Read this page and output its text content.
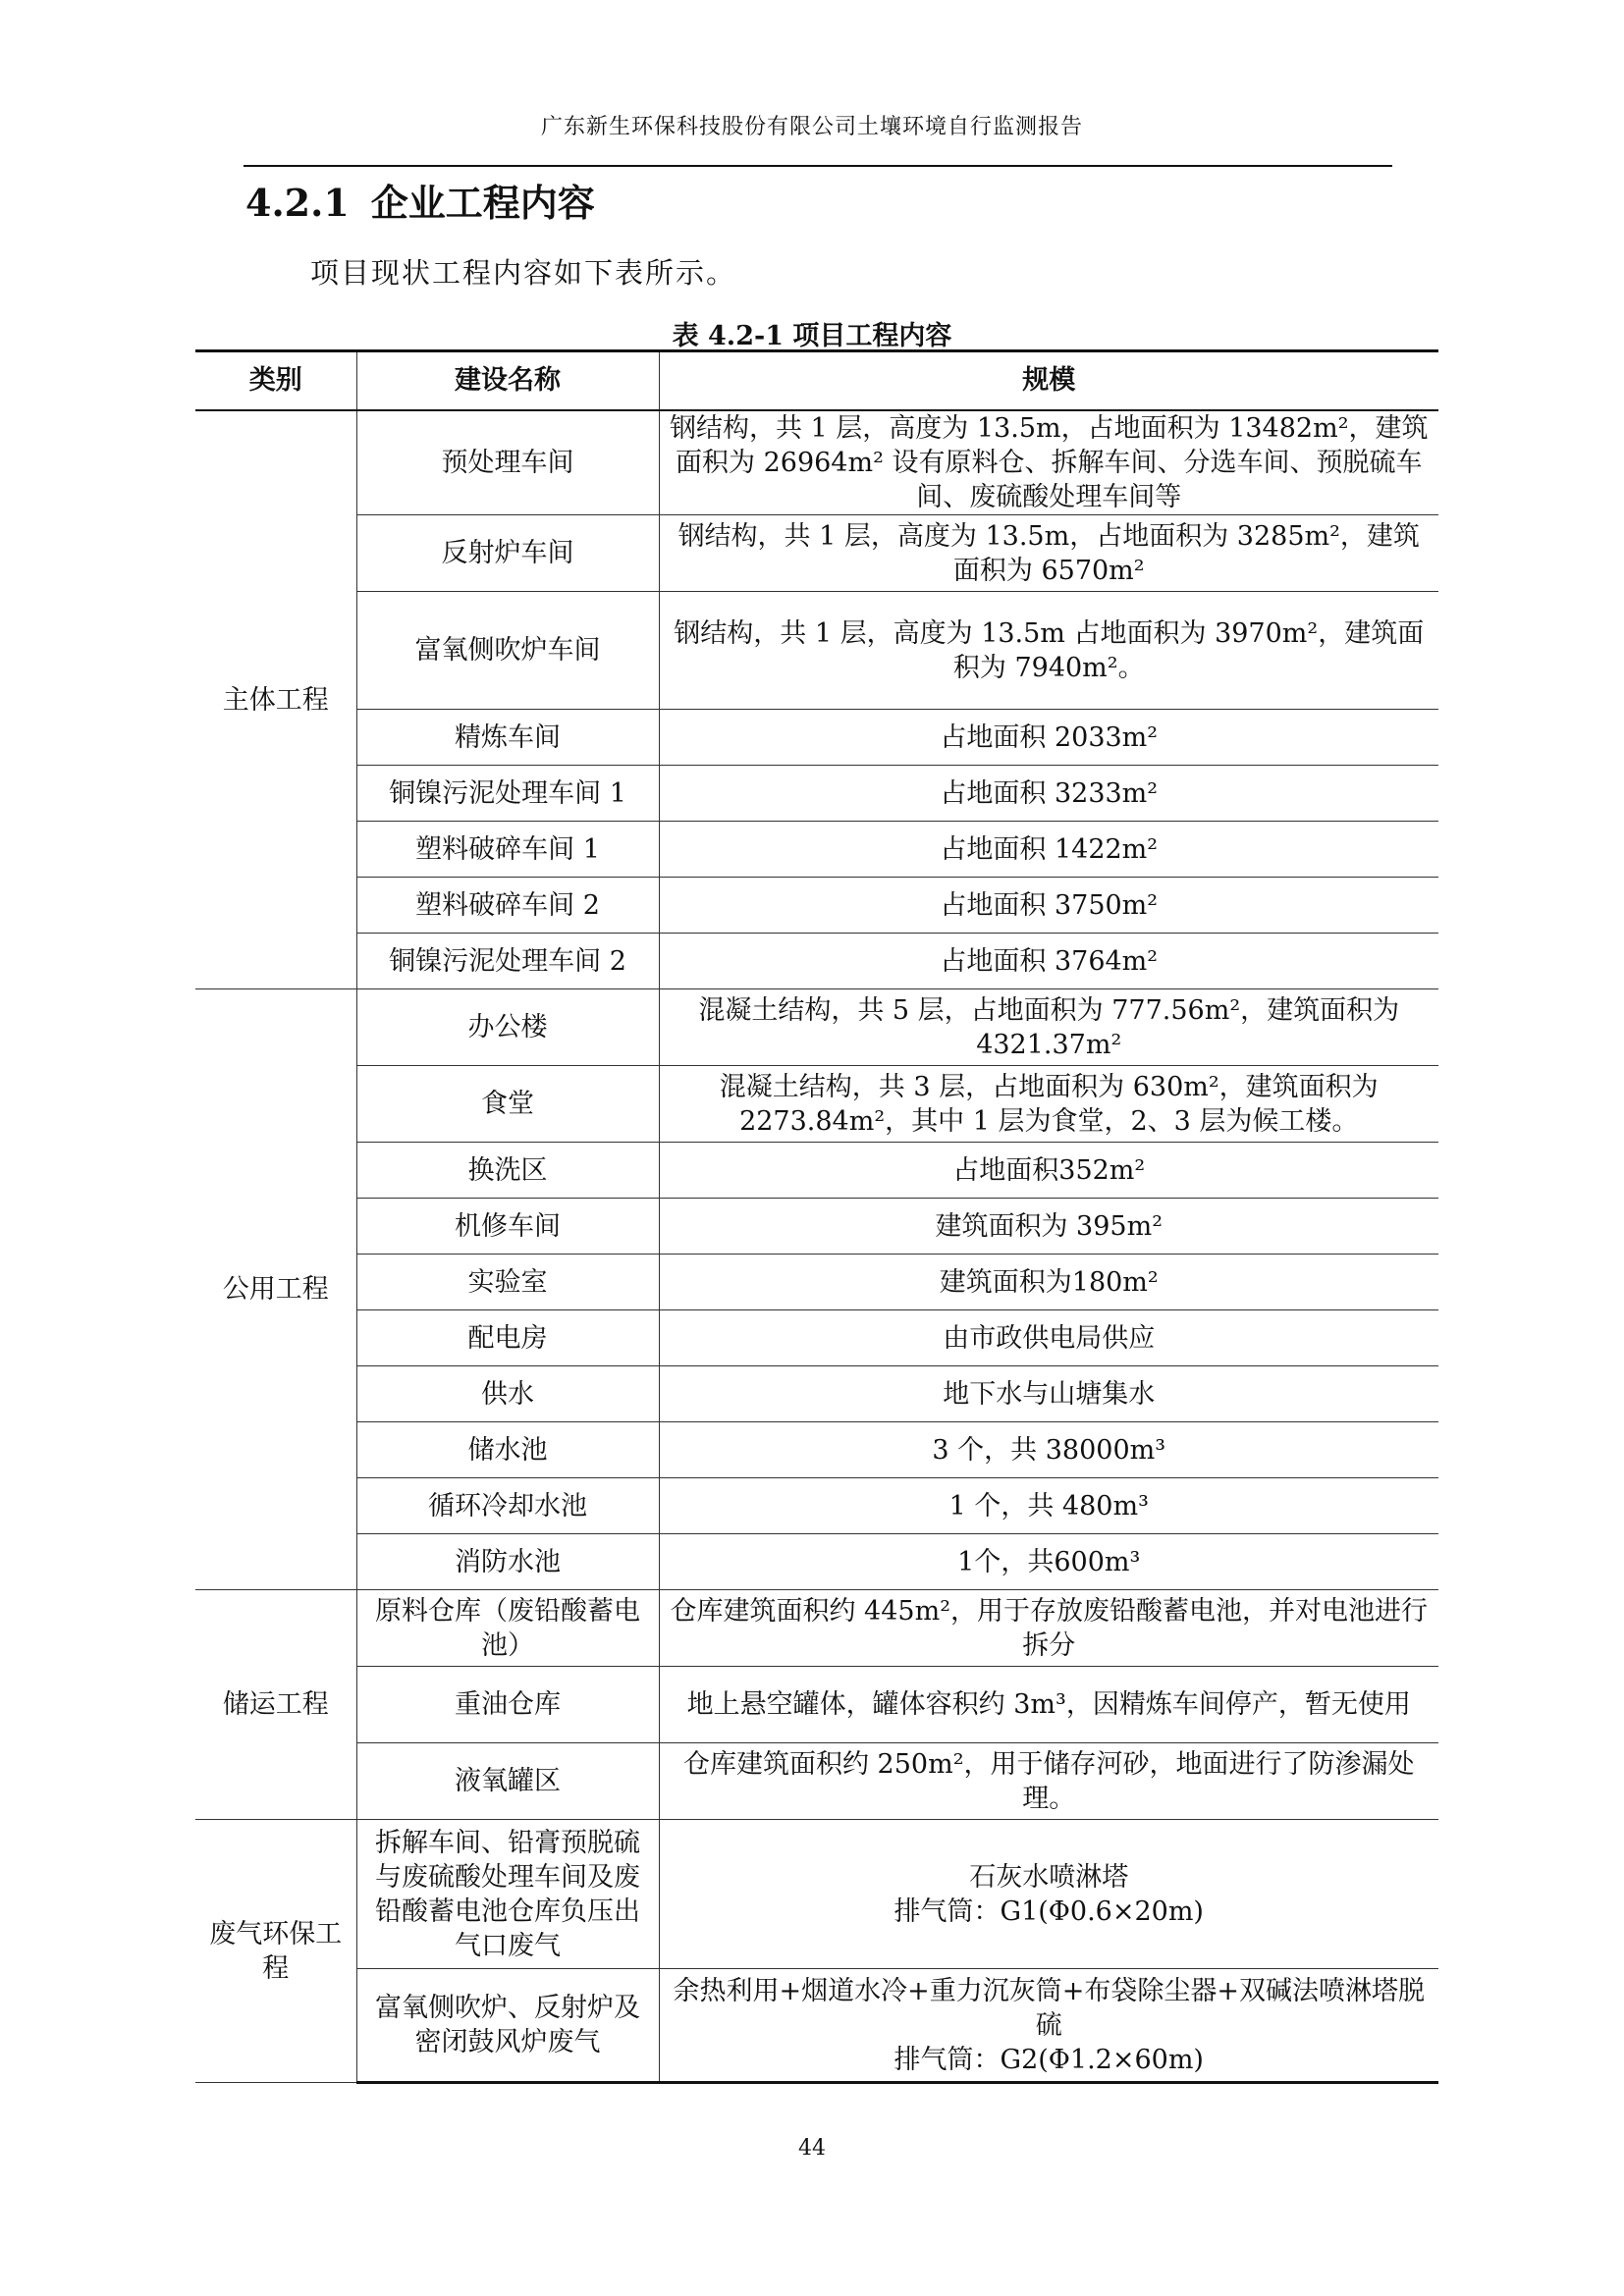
广东新生环保科技股份有限公司土壤环境自行监测报告
4.2.1 企业工程内容
项目现状工程内容如下表所示。
表 4.2-1 项目工程内容
类别	建设名称	规模
主体工程	预处理车间	钢结构，共 1 层，高度为 13.5m，占地面积为 13482m²，建筑面积为 26964m² 设有原料仓、拆解车间、分选车间、预脱硫车间、废硫酸处理车间等
	反射炉车间	钢结构，共 1 层，高度为 13.5m，占地面积为 3285m²，建筑面积为 6570m²
	富氧侧吹炉车间	钢结构，共 1 层，高度为 13.5m 占地面积为 3970m²，建筑面积为 7940m²。
	精炼车间	占地面积 2033m²
	铜镍污泥处理车间 1	占地面积 3233m²
	塑料破碎车间 1	占地面积 1422m²
	塑料破碎车间 2	占地面积 3750m²
	铜镍污泥处理车间 2	占地面积 3764m²
公用工程	办公楼	混凝土结构，共 5 层，占地面积为 777.56m²，建筑面积为 4321.37m²
	食堂	混凝土结构，共 3 层，占地面积为 630m²，建筑面积为 2273.84m²，其中 1 层为食堂，2、3 层为候工楼。
	换洗区	占地面积352m²
	机修车间	建筑面积为 395m²
	实验室	建筑面积为180m²
	配电房	由市政供电局供应
	供水	地下水与山塘集水
	储水池	3 个，共 38000m³
	循环冷却水池	1 个，共 480m³
	消防水池	1个，共600m³
储运工程	原料仓库（废铅酸蓄电池）	仓库建筑面积约 445m²，用于存放废铅酸蓄电池，并对电池进行拆分
	重油仓库	地上悬空罐体，罐体容积约 3m³，因精炼车间停产，暂无使用
	液氧罐区	仓库建筑面积约 250m²，用于储存河砂，地面进行了防渗漏处理。
废气环保工程	拆解车间、铅膏预脱硫与废硫酸处理车间及废铅酸蓄电池仓库负压出气口废气	石灰水喷淋塔
排气筒：G1(Φ0.6×20m)

	富氧侧吹炉、反射炉及密闭鼓风炉废气	余热利用+烟道水冷+重力沉灰筒+布袋除尘器+双碱法喷淋塔脱硫
排气筒：G2(Φ1.2×60m)
44
